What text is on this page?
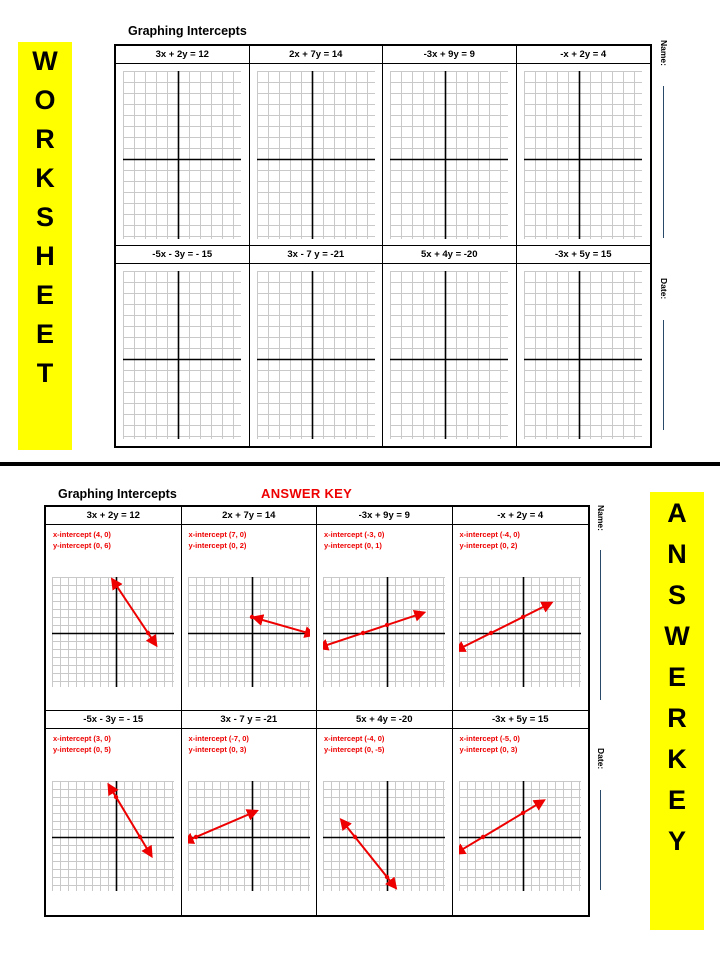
W
O
R
K
S
H
E
E
T
Graphing Intercepts
Name:
Date:
3x + 2y = 12	2x + 7y = 14	-3x + 9y = 9	-x + 2y = 4
-5x - 3y = - 15	3x - 7 y = -21	5x + 4y = -20	-3x + 5y = 15
A
N
S
W
E
R
K
E
Y
Graphing Intercepts	ANSWER KEY
Name:
Date:
3x + 2y = 12
x-intercept (4, 0)
y-intercept (0, 6)
2x + 7y = 14
x-intercept (7, 0)
y-intercept (0, 2)
-3x + 9y = 9
x-intercept (-3, 0)
y-intercept (0, 1)
-x + 2y = 4
x-intercept (-4, 0)
y-intercept (0, 2)
-5x - 3y = - 15
x-intercept (3, 0)
y-intercept (0, 5)
3x - 7 y = -21
x-intercept (-7, 0)
y-intercept (0, 3)
5x + 4y = -20
x-intercept (-4, 0)
y-intercept (0, -5)
-3x + 5y = 15
x-intercept (-5, 0)
y-intercept (0, 3)
